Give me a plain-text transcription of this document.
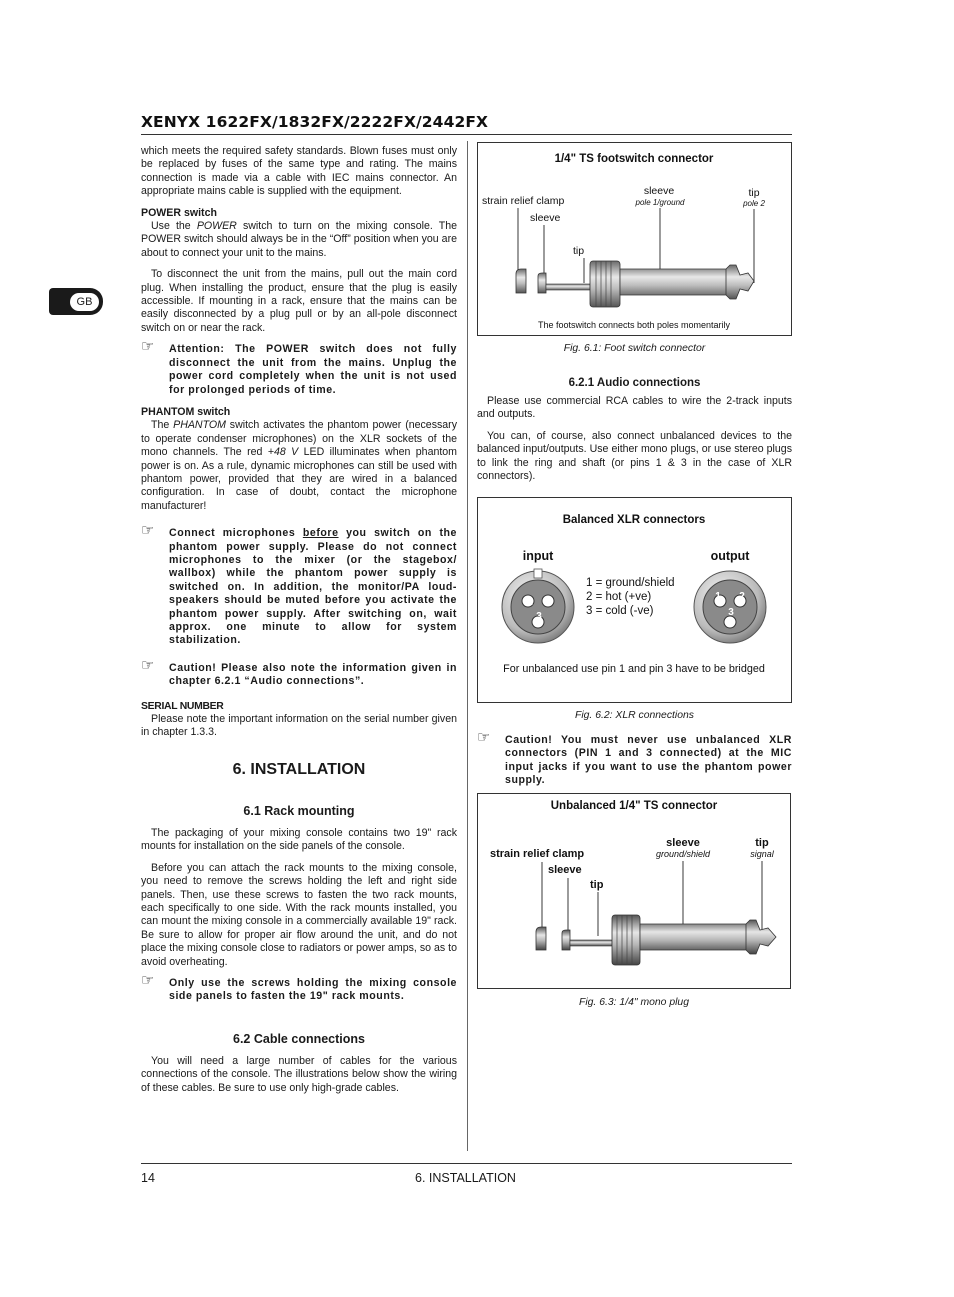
XENYX 1622FX/1832FX/2222FX/2442FX
GB

which meets the required safety standards. Blown fuses must only be replaced by fuses of the same type and rating. The mains connection is made via a cable with IEC mains connector. An appropriate mains cable is supplied with the equipment.

POWER switch

Use the POWER switch to turn on the mixing console. The POWER switch should always be in the “Off” position when you are about to connect your unit to the mains.

To disconnect the unit from the mains, pull out the main cord plug. When installing the product, ensure that the plug is easily accessible. If mounting in a rack, ensure that the mains can be easily disconnected by a plug pull or by an all-pole disconnect switch on or near the rack.

☞ Attention: The POWER switch does not fully disconnect the unit from the mains. Unplug the power cord completely when the unit is not used for prolonged periods of time.

PHANTOM switch

The PHANTOM switch activates the phantom power (necessary to operate condenser microphones) on the XLR sockets of the mono channels. The red +48 V LED illuminates when phantom power is on. As a rule, dynamic microphones can still be used with phantom power, provided that they are wired in a balanced configuration. In case of doubt, contact the microphone manufacturer!

☞ Connect microphones before you switch on the phantom power supply. Please do not connect microphones to the mixer (or the stagebox/ wallbox) while the phantom power supply is switched on. In addition, the monitor/PA loud-speakers should be muted before you activate the phantom power supply. After switching on, wait approx. one minute to allow for system stabilization.

☞ Caution! Please also note the information given in chapter 6.2.1 “Audio connections”.

SERIAL NUMBER

Please note the important information on the serial number given in chapter 1.3.3.

6. INSTALLATION
6.1 Rack mounting

The packaging of your mixing console contains two 19" rack mounts for installation on the side panels of the console.

Before you can attach the rack mounts to the mixing console, you need to remove the screws holding the left and right side panels. Then, use these screws to fasten the two rack mounts, each specifically to one side. With the rack mounts installed, you can mount the mixing console in a commercially available 19" rack. Be sure to allow for proper air flow around the unit, and do not place the mixing console close to radiators or power amps, so as to avoid overheating.

☞ Only use the screws holding the mixing console side panels to fasten the 19" rack mounts.

6.2 Cable connections

You will need a large number of cables for the various connections of the console. The illustrations below show the wiring of these cables. Be sure to use only high-grade cables.

1/4" TS footswitch connector
strain relief clamp
sleeve
pole 1/ground
tip
pole 2
sleeve
tip
The footswitch connects both poles momentarily
Fig. 6.1: Foot switch connector
6.2.1 Audio connections

Please use commercial RCA cables to wire the 2-track inputs and outputs.

You can, of course, also connect unbalanced devices to the balanced input/outputs. Use either mono plugs, or use stereo plugs to link the ring and shaft (or pins 1 & 3 in the case of XLR connectors).

Balanced XLR connectors
input	output
2 1
3
1 2
3
1 = ground/shield
2 = hot (+ve)
3 = cold (-ve)
For unbalanced use pin 1 and pin 3 have to be bridged
Fig. 6.2: XLR connections

☞ Caution! You must never use unbalanced XLR connectors (PIN 1 and 3 connected) at the MIC input jacks if you want to use the phantom power supply.

Unbalanced 1/4" TS connector
strain relief clamp
sleeve
ground/shield
tip
signal
sleeve
tip
Fig. 6.3: 1/4" mono plug
14	6. INSTALLATION
